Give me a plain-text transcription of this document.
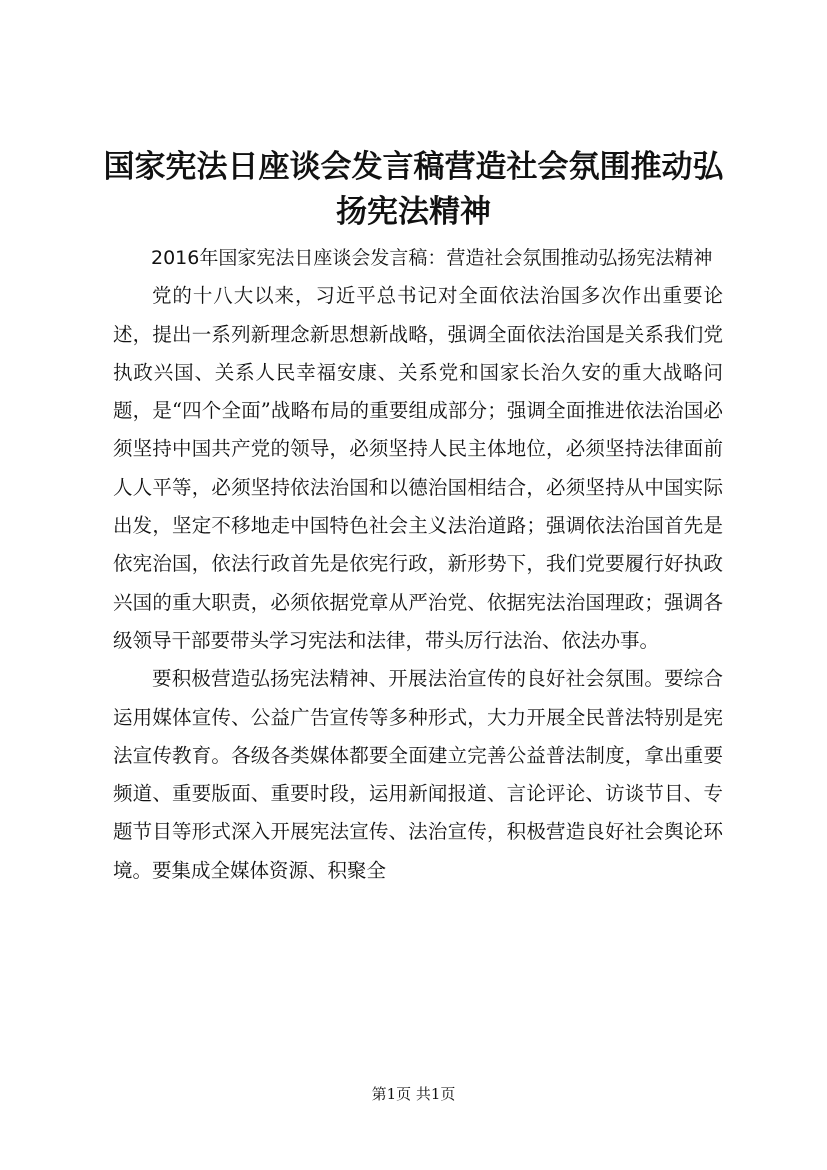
国家宪法日座谈会发言稿营造社会氛围推动弘扬宪法精神

2016年国家宪法日座谈会发言稿：营造社会氛围推动弘扬宪法精神

党的十八大以来，习近平总书记对全面依法治国多次作出重要论述，提出一系列新理念新思想新战略，强调全面依法治国是关系我们党执政兴国、关系人民幸福安康、关系党和国家长治久安的重大战略问题，是“四个全面”战略布局的重要组成部分；强调全面推进依法治国必须坚持中国共产党的领导，必须坚持人民主体地位，必须坚持法律面前人人平等，必须坚持依法治国和以德治国相结合，必须坚持从中国实际出发，坚定不移地走中国特色社会主义法治道路；强调依法治国首先是依宪治国，依法行政首先是依宪行政，新形势下，我们党要履行好执政兴国的重大职责，必须依据党章从严治党、依据宪法治国理政；强调各级领导干部要带头学习宪法和法律，带头厉行法治、依法办事。

要积极营造弘扬宪法精神、开展法治宣传的良好社会氛围。要综合运用媒体宣传、公益广告宣传等多种形式，大力开展全民普法特别是宪法宣传教育。各级各类媒体都要全面建立完善公益普法制度，拿出重要频道、重要版面、重要时段，运用新闻报道、言论评论、访谈节目、专题节目等形式深入开展宪法宣传、法治宣传，积极营造良好社会舆论环境。要集成全媒体资源、积聚全

第1页 共1页
